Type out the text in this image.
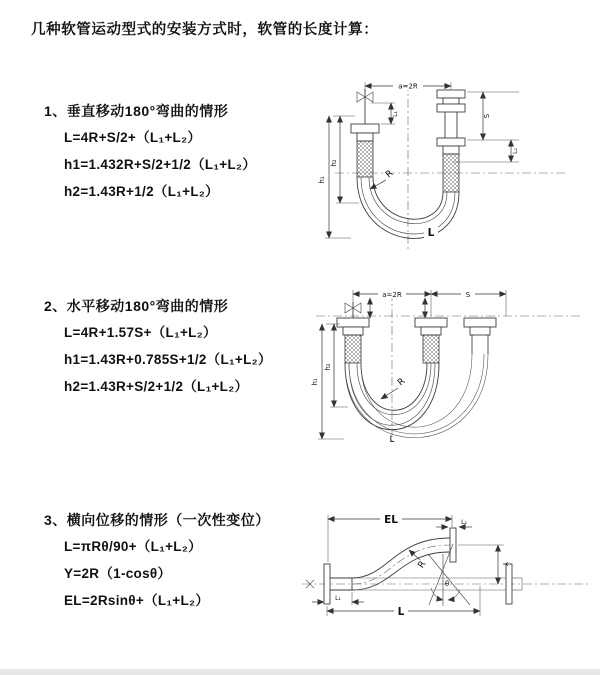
几种软管运动型式的安装方式时，软管的长度计算：
1、垂直移动180°弯曲的情形
L=4R+S/2+（L₁+L₂）
h1=1.432R+S/2+1/2（L₁+L₂）
h2=1.43R+1/2（L₁+L₂）
a=2R
h₁
h₂
L₁	S
L₂
R
L
2、水平移动180°弯曲的情形
L=4R+1.57S+（L₁+L₂）
h1=1.43R+0.785S+1/2（L₁+L₂）
h2=1.43R+S/2+1/2（L₁+L₂）
a=2R	S
h₁
h₂
R
L
3、横向位移的情形（一次性变位）
L=πRθ/90+（L₁+L₂）
Y=2R（1-cosθ）
EL=2Rsinθ+（L₁+L₂）
θ
R
EL	L₂
Y
L₁
L
